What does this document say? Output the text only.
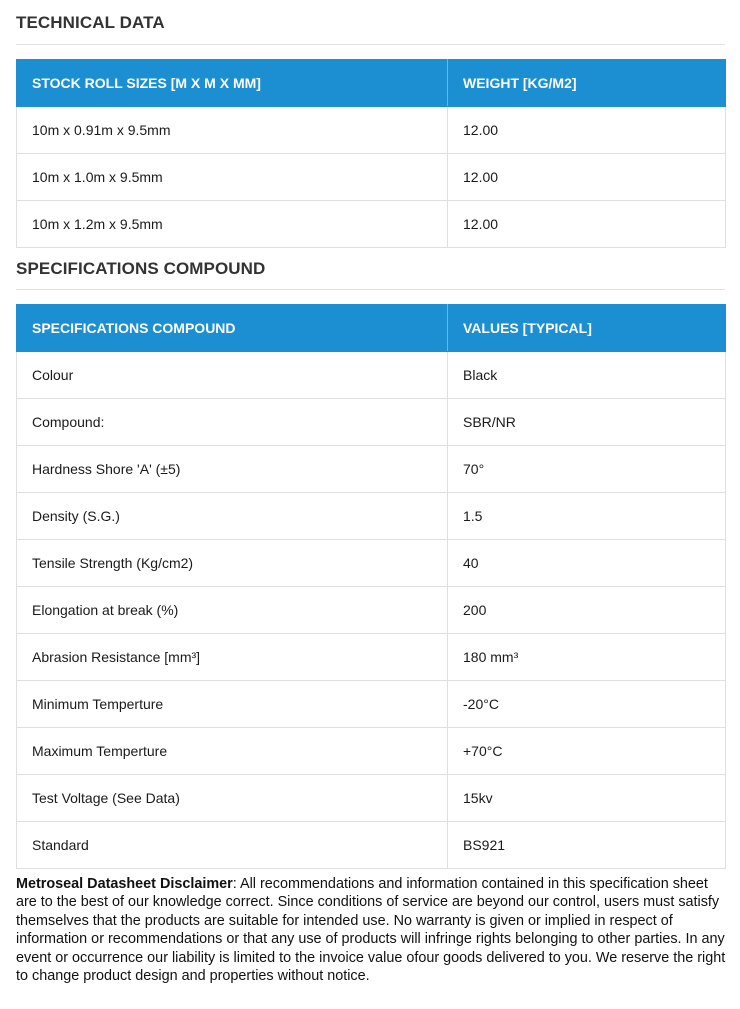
TECHNICAL DATA
STOCK ROLL SIZES [M X M X MM]	WEIGHT [KG/M2]
10m x 0.91m x 9.5mm	12.00
10m x 1.0m x 9.5mm	12.00
10m x 1.2m x 9.5mm	12.00
SPECIFICATIONS COMPOUND
SPECIFICATIONS COMPOUND	VALUES [TYPICAL]
Colour	Black
Compound:	SBR/NR
Hardness Shore 'A' (±5)	70°
Density (S.G.)	1.5
Tensile Strength (Kg/cm2)	40
Elongation at break (%)	200
Abrasion Resistance [mm³]	180 mm³
Minimum Temperture	-20°C
Maximum Temperture	+70°C
Test Voltage (See Data)	15kv
Standard	BS921

Metroseal Datasheet Disclaimer: All recommendations and information contained in this specification sheet are to the best of our knowledge correct. Since conditions of service are beyond our control, users must satisfy themselves that the products are suitable for intended use. No warranty is given or implied in respect of information or recommendations or that any use of products will infringe rights belonging to other parties. In any event or occurrence our liability is limited to the invoice value ofour goods delivered to you. We reserve the right to change product design and properties without notice.
